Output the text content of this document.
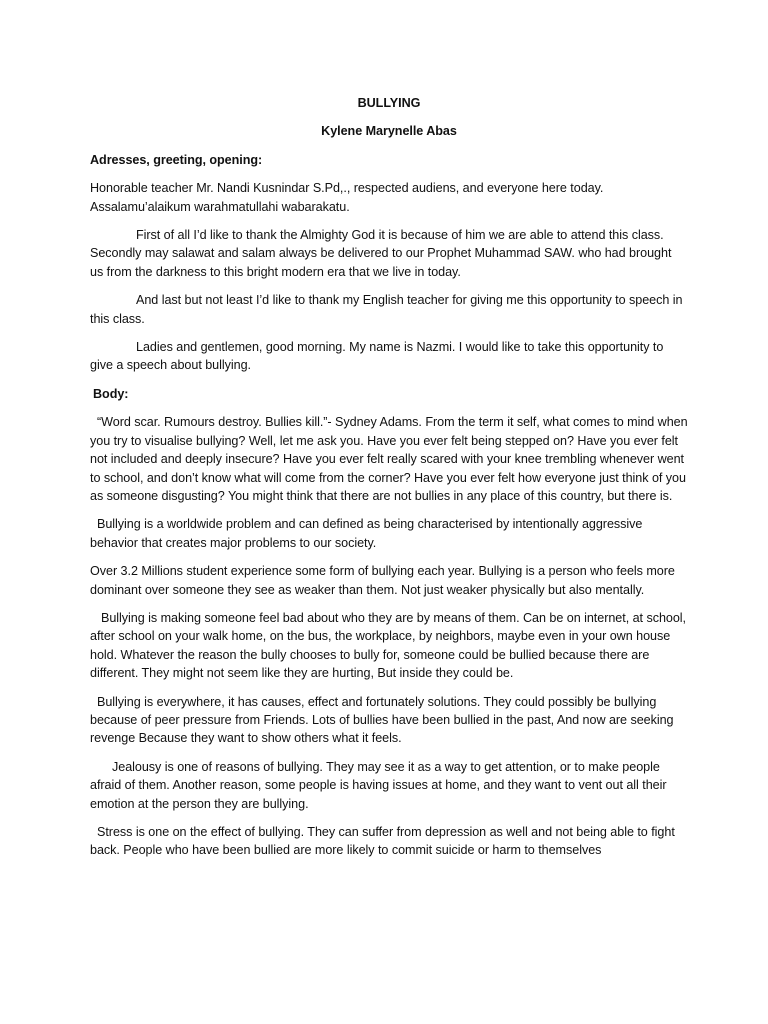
BULLYING
Kylene Marynelle Abas
Adresses, greeting, opening:
Honorable teacher Mr. Nandi Kusnindar S.Pd,., respected audiens, and everyone here today.
Assalamu’alaikum warahmatullahi wabarakatu.
First of all I’d like to thank the Almighty God it is because of him we are able to attend this class. Secondly may salawat and salam always be delivered to our Prophet Muhammad SAW. who had brought us from the darkness to this bright modern era that we live in today.
And last but not least I’d like to thank my English teacher for giving me this opportunity to speech in this class.
Ladies and gentlemen, good morning. My name is Nazmi. I would like to take this opportunity to give a speech about bullying.
Body:
“Word scar. Rumours destroy. Bullies kill.”- Sydney Adams. From the term it self, what comes to mind when you try to visualise bullying? Well, let me ask you. Have you ever felt being stepped on? Have you ever felt not included and deeply insecure? Have you ever felt really scared with your knee trembling whenever went to school, and don’t know what will come from the corner? Have you ever felt how everyone just think of you as someone disgusting? You might think that there are not bullies in any place of this country, but there is.
Bullying is a worldwide problem and can defined as being characterised by intentionally aggressive behavior that creates major problems to our society.
Over 3.2 Millions student experience some form of bullying each year. Bullying is a person who feels more dominant over someone they see as weaker than them. Not just weaker physically but also mentally.
Bullying is making someone feel bad about who they are by means of them. Can be on internet, at school, after school on your walk home, on the bus, the workplace, by neighbors, maybe even in your own house hold. Whatever the reason the bully chooses to bully for, someone could be bullied because there are different. They might not seem like they are hurting, But inside they could be.
Bullying is everywhere, it has causes, effect and fortunately solutions. They could possibly be bullying because of peer pressure from Friends. Lots of bullies have been bullied in the past, And now are seeking revenge Because they want to show others what it feels.
Jealousy is one of reasons of bullying. They may see it as a way to get attention, or to make people afraid of them. Another reason, some people is having issues at home, and they want to vent out all their emotion at the person they are bullying.
Stress is one on the effect of bullying. They can suffer from depression as well and not being able to fight back. People who have been bullied are more likely to commit suicide or harm to themselves
